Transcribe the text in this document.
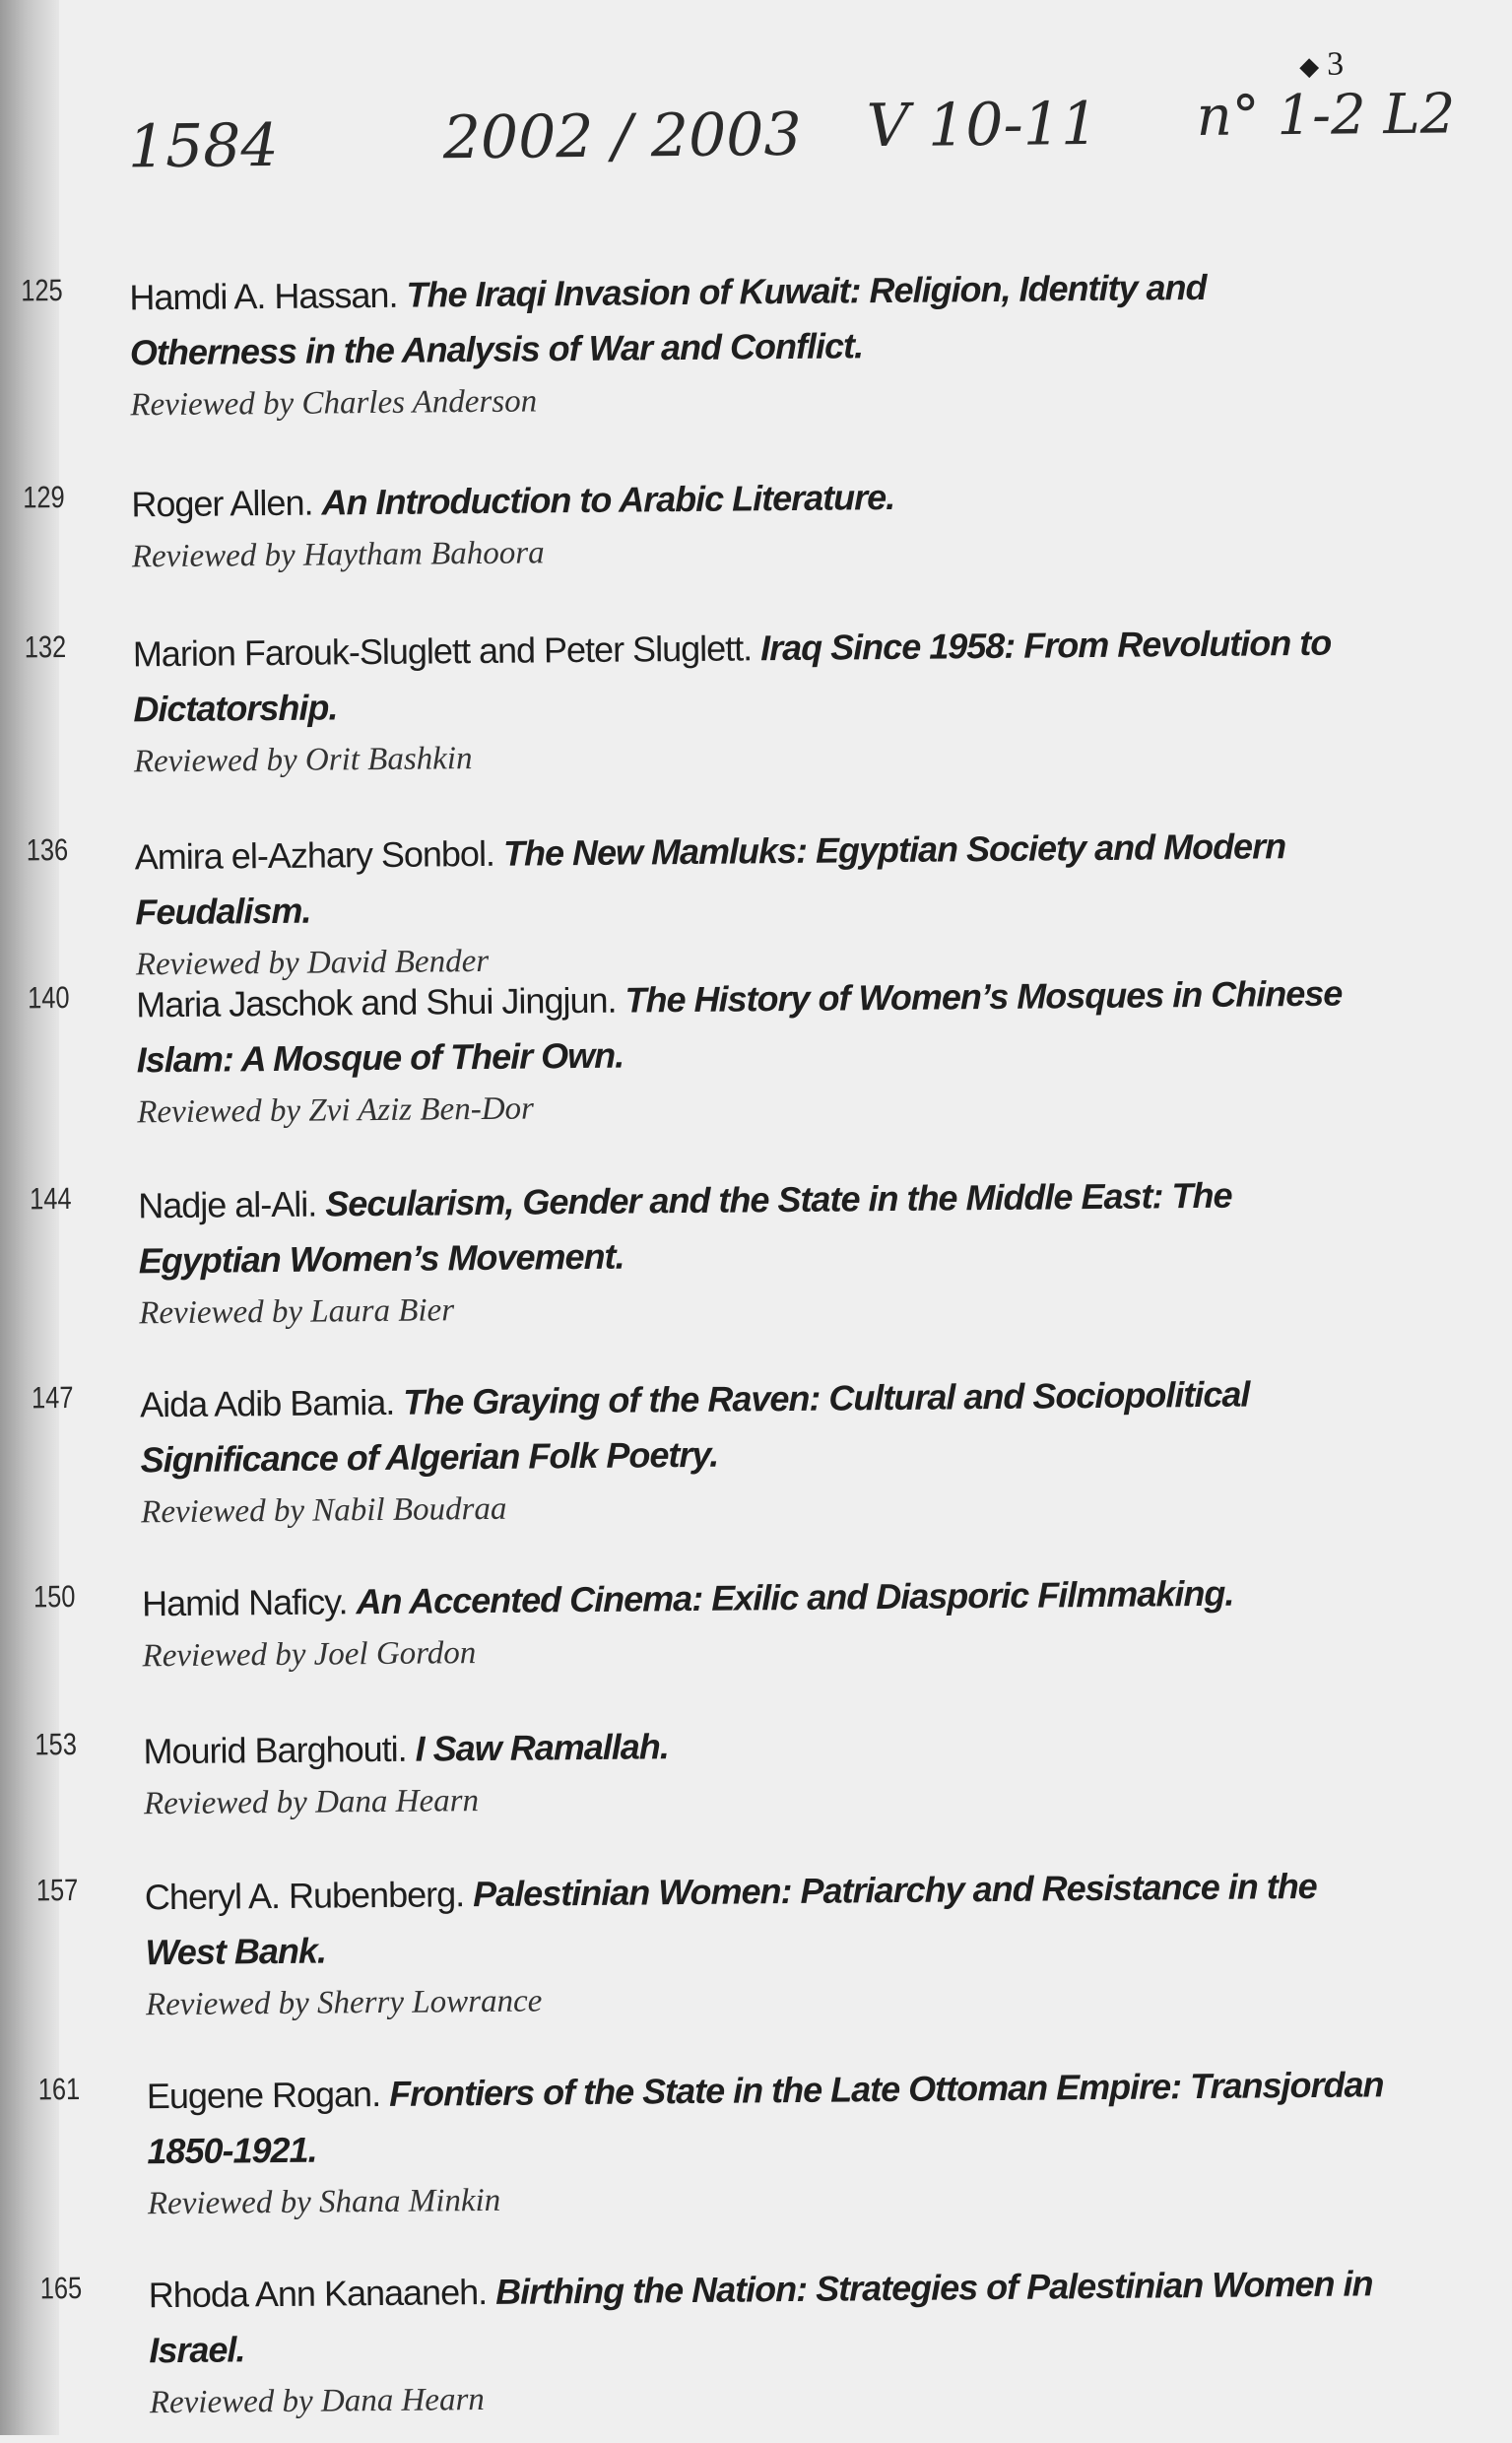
1584	2002 / 2003 V 10-11 n° 1-2 L2
◆ 3
125 Hamdi A. Hassan. The Iraqi Invasion of Kuwait: Religion, Identity and Otherness in the Analysis of War and Conflict.
Reviewed by Charles Anderson
129 Roger Allen. An Introduction to Arabic Literature.
Reviewed by Haytham Bahoora
132 Marion Farouk-Sluglett and Peter Sluglett. Iraq Since 1958: From Revolution to Dictatorship.
Reviewed by Orit Bashkin
136 Amira el-Azhary Sonbol. The New Mamluks: Egyptian Society and Modern Feudalism.
Reviewed by David Bender
140 Maria Jaschok and Shui Jingjun. The History of Women’s Mosques in Chinese Islam: A Mosque of Their Own.
Reviewed by Zvi Aziz Ben-Dor
144 Nadje al-Ali. Secularism, Gender and the State in the Middle East: The Egyptian Women’s Movement.
Reviewed by Laura Bier
147 Aida Adib Bamia. The Graying of the Raven: Cultural and Sociopolitical Significance of Algerian Folk Poetry.
Reviewed by Nabil Boudraa
150 Hamid Naficy. An Accented Cinema: Exilic and Diasporic Filmmaking.
Reviewed by Joel Gordon
153 Mourid Barghouti. I Saw Ramallah.
Reviewed by Dana Hearn
157 Cheryl A. Rubenberg. Palestinian Women: Patriarchy and Resistance in the West Bank.
Reviewed by Sherry Lowrance
161 Eugene Rogan. Frontiers of the State in the Late Ottoman Empire: Transjordan 1850-1921.
Reviewed by Shana Minkin
165 Rhoda Ann Kanaaneh. Birthing the Nation: Strategies of Palestinian Women in Israel.
Reviewed by Dana Hearn
